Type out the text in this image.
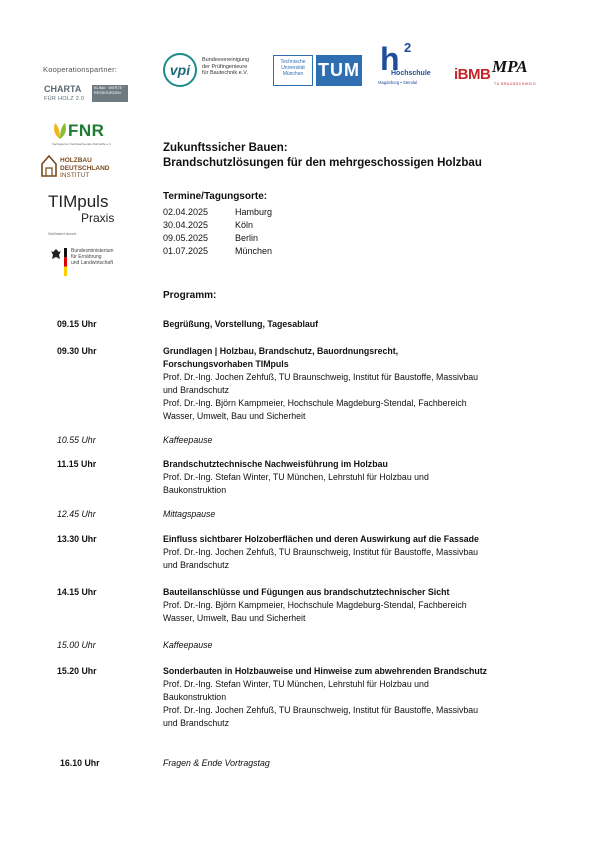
Kooperationspartner:
CHARTA
FÜR HOLZ 2.0
KLIMA · WERTE · RESSOURCEN
FNR
Fachagentur Nachwachsende Rohstoffe e.V.
HOLZBAU
DEUTSCHLAND
INSTITUT
TIMpuls
Praxis
Gefördert durch:
Bundesministerium
für Ernährung
und Landwirtschaft
vpi
Bundesvereinigung
der Prüfingenieure
für Bautechnik e.V.
Technische
Universität
München TUM h 2
Hochschule
Magdeburg • Stendal iBMB MPA
TU BRAUNSCHWEIG
Zukunftssicher Bauen:
Brandschutzlösungen für den mehrgeschossigen Holzbau
Termine/Tagungsorte:
02.04.2025	Hamburg
30.04.2025	Köln
09.05.2025	Berlin
01.07.2025	München
Programm:
09.15 Uhr	Begrüßung, Vorstellung, Tagesablauf
09.30 Uhr	Grundlagen | Holzbau, Brandschutz, Bauordnungsrecht,
Forschungsvorhaben TIMpuls
Prof. Dr.-Ing. Jochen Zehfuß, TU Braunschweig, Institut für Baustoffe, Massivbau
und Brandschutz
Prof. Dr.-Ing. Björn Kampmeier, Hochschule Magdeburg-Stendal, Fachbereich
Wasser, Umwelt, Bau und Sicherheit
10.55 Uhr	Kaffeepause
11.15 Uhr	Brandschutztechnische Nachweisführung im Holzbau
Prof. Dr.-Ing. Stefan Winter, TU München, Lehrstuhl für Holzbau und
Baukonstruktion
12.45 Uhr	Mittagspause
13.30 Uhr	Einfluss sichtbarer Holzoberflächen und deren Auswirkung auf die Fassade
Prof. Dr.-Ing. Jochen Zehfuß, TU Braunschweig, Institut für Baustoffe, Massivbau
und Brandschutz
14.15 Uhr	Bauteilanschlüsse und Fügungen aus brandschutztechnischer Sicht
Prof. Dr.-Ing. Björn Kampmeier, Hochschule Magdeburg-Stendal, Fachbereich
Wasser, Umwelt, Bau und Sicherheit
15.00 Uhr	Kaffeepause
15.20 Uhr	Sonderbauten in Holzbauweise und Hinweise zum abwehrenden Brandschutz
Prof. Dr.-Ing. Stefan Winter, TU München, Lehrstuhl für Holzbau und
Baukonstruktion
Prof. Dr.-Ing. Jochen Zehfuß, TU Braunschweig, Institut für Baustoffe, Massivbau
und Brandschutz
16.10 Uhr	Fragen & Ende Vortragstag
